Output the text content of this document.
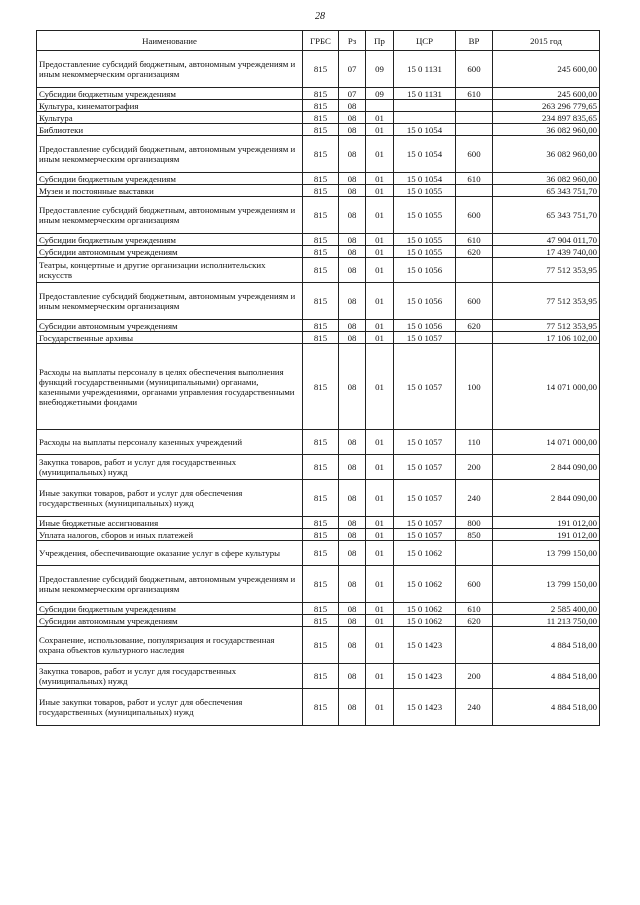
28
Наименование	ГРБС	Рз	Пр	ЦСР	ВР	2015 год
Предоставление субсидий бюджетным, автономным учреждениям и иным некоммерческим организациям	815	07	09	15 0 1131	600	245 600,00
Субсидии бюджетным учреждениям	815	07	09	15 0 1131	610	245 600,00
Культура, кинематография	815	08				263 296 779,65
Культура	815	08	01			234 897 835,65
Библиотеки	815	08	01	15 0 1054		36 082 960,00
Предоставление субсидий бюджетным, автономным учреждениям и иным некоммерческим организациям	815	08	01	15 0 1054	600	36 082 960,00
Субсидии бюджетным учреждениям	815	08	01	15 0 1054	610	36 082 960,00
Музеи и постоянные выставки	815	08	01	15 0 1055		65 343 751,70
Предоставление субсидий бюджетным, автономным учреждениям и иным некоммерческим организациям	815	08	01	15 0 1055	600	65 343 751,70
Субсидии бюджетным учреждениям	815	08	01	15 0 1055	610	47 904 011,70
Субсидии автономным учреждениям	815	08	01	15 0 1055	620	17 439 740,00
Театры, концертные и другие организации исполнительских искусств	815	08	01	15 0 1056		77 512 353,95
Предоставление субсидий бюджетным, автономным учреждениям и иным некоммерческим организациям	815	08	01	15 0 1056	600	77 512 353,95
Субсидии автономным учреждениям	815	08	01	15 0 1056	620	77 512 353,95
Государственные архивы	815	08	01	15 0 1057		17 106 102,00
Расходы на выплаты персоналу в целях обеспечения выполнения функций государственными (муниципальными) органами, казенными учреждениями, органами управления государственными внебюджетными фондами	815	08	01	15 0 1057	100	14 071 000,00
Расходы на выплаты персоналу казенных учреждений	815	08	01	15 0 1057	110	14 071 000,00
Закупка товаров, работ и услуг для государственных (муниципальных) нужд	815	08	01	15 0 1057	200	2 844 090,00
Иные закупки товаров, работ и услуг для обеспечения государственных (муниципальных) нужд	815	08	01	15 0 1057	240	2 844 090,00
Иные бюджетные ассигнования	815	08	01	15 0 1057	800	191 012,00
Уплата налогов, сборов и иных платежей	815	08	01	15 0 1057	850	191 012,00
Учреждения, обеспечивающие оказание услуг в сфере культуры	815	08	01	15 0 1062		13 799 150,00
Предоставление субсидий бюджетным, автономным учреждениям и иным некоммерческим организациям	815	08	01	15 0 1062	600	13 799 150,00
Субсидии бюджетным учреждениям	815	08	01	15 0 1062	610	2 585 400,00
Субсидии автономным учреждениям	815	08	01	15 0 1062	620	11 213 750,00
Сохранение, использование, популяризация и государственная охрана объектов культурного наследия	815	08	01	15 0 1423		4 884 518,00
Закупка товаров, работ и услуг для государственных (муниципальных) нужд	815	08	01	15 0 1423	200	4 884 518,00
Иные закупки товаров, работ и услуг для обеспечения государственных (муниципальных) нужд	815	08	01	15 0 1423	240	4 884 518,00
